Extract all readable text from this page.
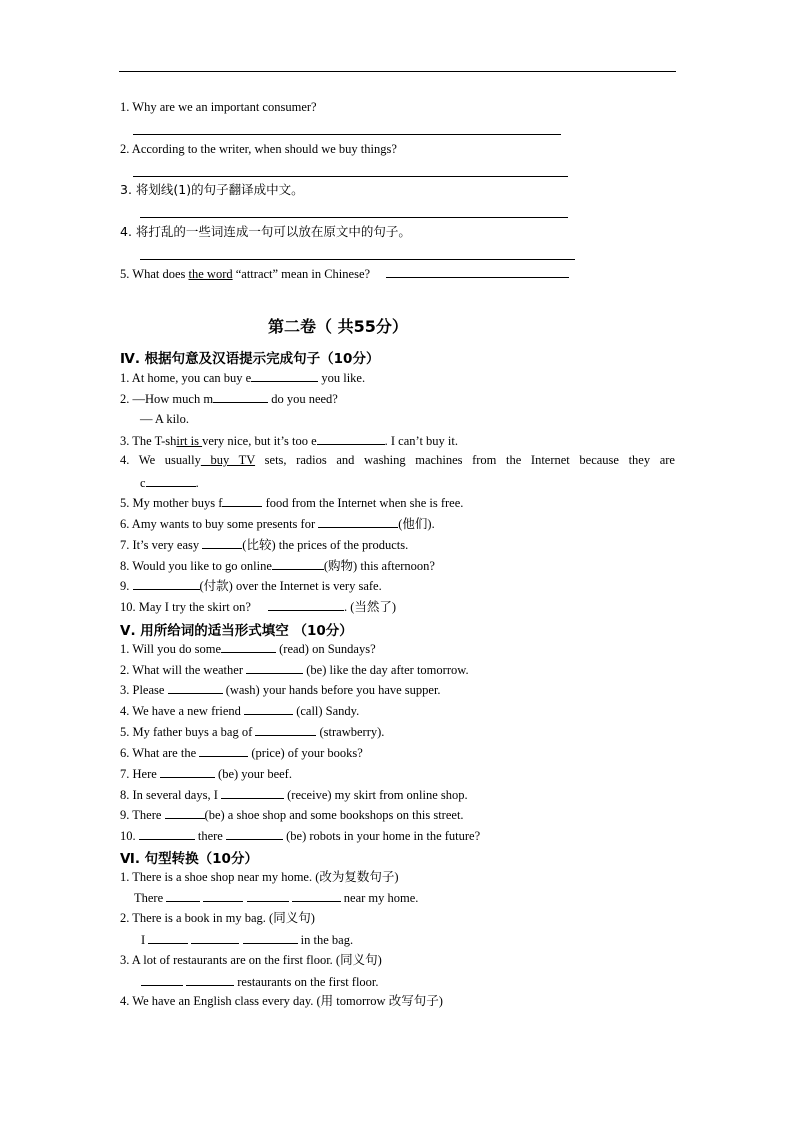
1. Why are we an important consumer?
2. According to the writer, when should we buy things?
3. 将划线(1)的句子翻译成中文。
4. 将打乱的一些词连成一句可以放在原文中的句子。
5. What does the word “attract” mean in Chinese?
第二卷（ 共55分）
Ⅳ. 根据句意及汉语提示完成句子（10分）
1. At home, you can buy e	you like.
2. —How much m	do you need?
— A kilo.
3. The T-shirt is very nice, but it’s too e	. I can’t buy it.
4. We usually buy TV sets, radios and washing machines from the Internet because they are
c	.
5. My mother buys f	food from the Internet when she is free.
6. Amy wants to buy some presents for	(他们).
7. It’s very easy	(比较) the prices of the products.
8. Would you like to go online	(购物) this afternoon?
9.	(付款) over the Internet is very safe.
10. May I try the skirt on?	. (当然了)
Ⅴ. 用所给词的适当形式填空 （10分）
1. Will you do some	(read) on Sundays?
2. What will the weather	(be) like the day after tomorrow.
3. Please	(wash) your hands before you have supper.
4. We have a new friend	(call) Sandy.
5. My father buys a bag of	(strawberry).
6. What are the	(price) of your books?
7. Here	(be) your beef.
8. In several days, I	(receive) my skirt from online shop.
9. There	(be) a shoe shop and some bookshops on this street.
10.	there	(be) robots in your home in the future?
Ⅵ. 句型转换（10分）
1. There is a shoe shop near my home. (改为复数句子)
There	near my home.
2. There is a book in my bag. (同义句)
I	in the bag.
3. A lot of restaurants are on the first floor. (同义句)
restaurants on the first floor.
4. We have an English class every day. (用 tomorrow 改写句子)
